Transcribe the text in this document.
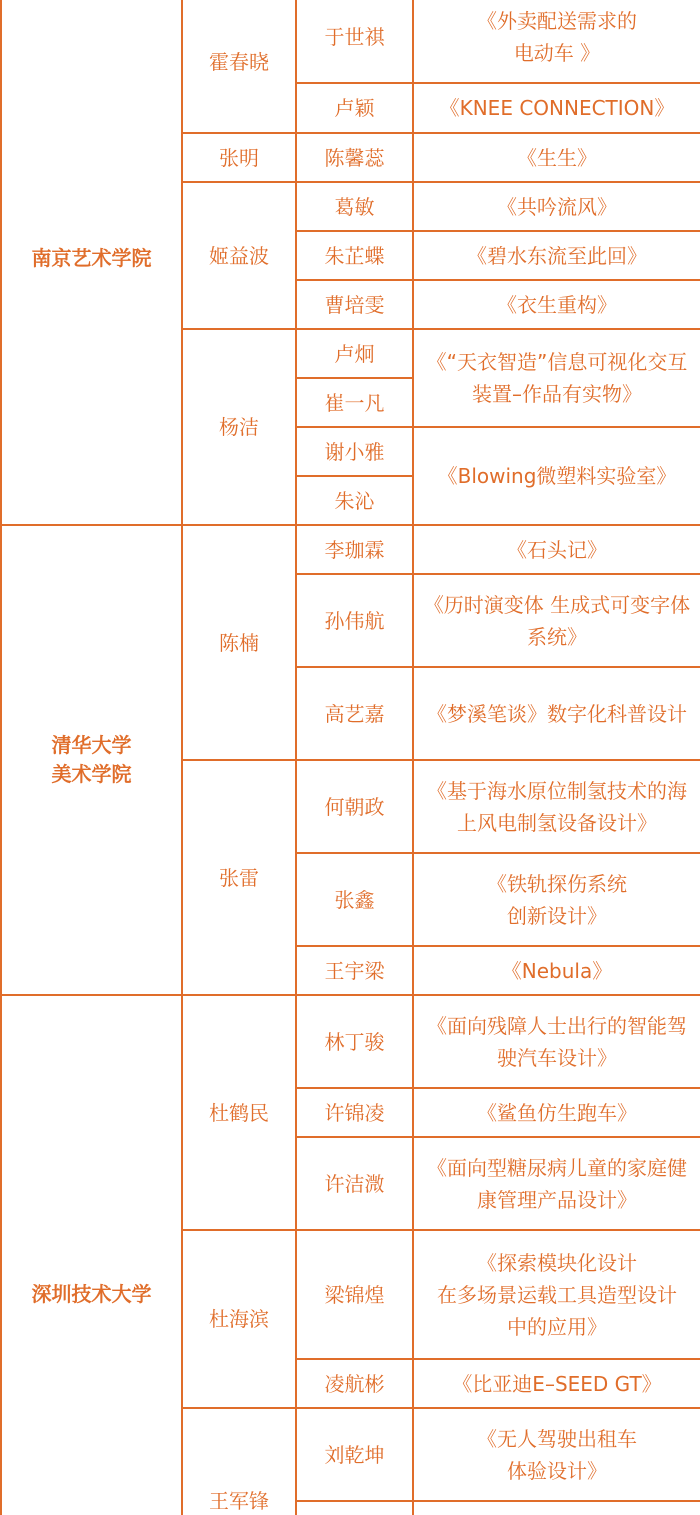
南京艺术学院	霍春晓	于世祺	《外卖配送需求的
电动车 》
		卢颖	《KNEE CONNECTION》
	张明	陈馨蕊	《生生》
	姬益波	葛敏	《共吟流风》
		朱芷蝶	《碧水东流至此回》
		曹培雯	《衣生重构》
	杨洁	卢炯	《“天衣智造”信息可视化交互装置–作品有实物》
		崔一凡	
		谢小雅	《Blowing微塑料实验室》
		朱沁	

清华大学
美术学院	陈楠	李珈霖	《石头记》
		孙伟航	《历时演变体 生成式可变字体系统》
		高艺嘉	《梦溪笔谈》数字化科普设计
	张雷	何朝政	《基于海水原位制氢技术的海上风电制氢设备设计》
		张鑫	《铁轨探伤系统
创新设计》
		王宇梁	《Nebula》
深圳技术大学	杜鹤民	林丁骏	《面向残障人士出行的智能驾驶汽车设计》
		许锦凌	《鲨鱼仿生跑车》
		许洁溦	《面向型糖尿病儿童的家庭健康管理产品设计》
	杜海滨	梁锦煌	《探索模块化设计
在多场景运载工具造型设计
中的应用》
		凌航彬	《比亚迪E–SEED GT》
	王军锋	刘乾坤	《无人驾驶出租车
体验设计》
